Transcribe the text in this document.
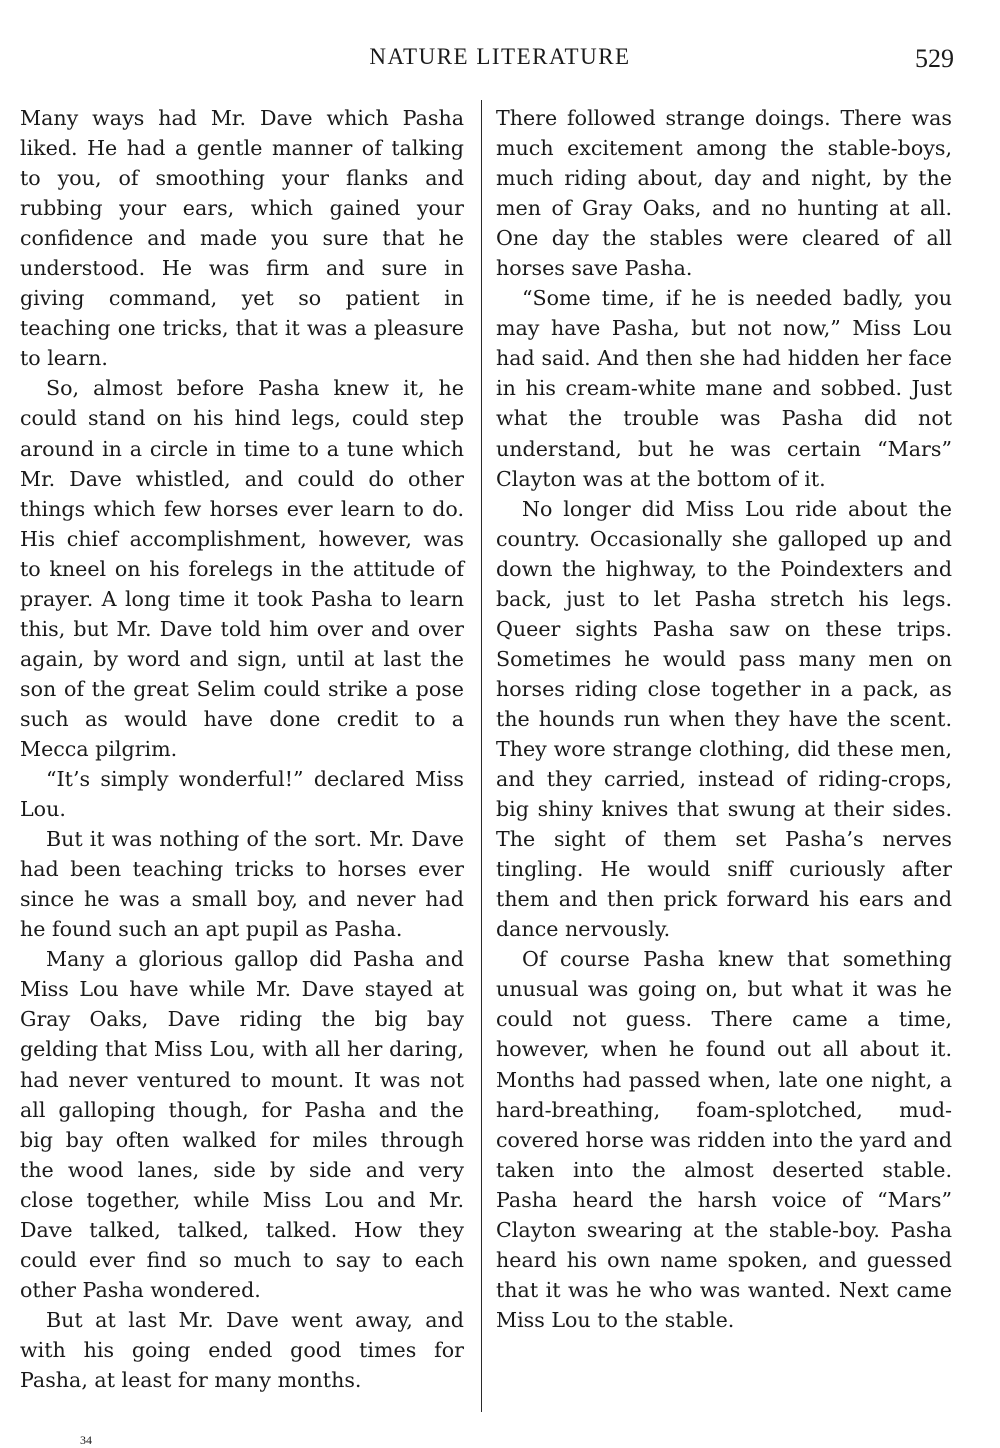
NATURE LITERATURE	529

Many ways had Mr. Dave which Pasha liked. He had a gentle manner of talking to you, of smoothing your flanks and rubbing your ears, which gained your confidence and made you sure that he understood. He was firm and sure in giving command, yet so patient in teaching one tricks, that it was a pleasure to learn.

So, almost before Pasha knew it, he could stand on his hind legs, could step around in a circle in time to a tune which Mr. Dave whistled, and could do other things which few horses ever learn to do. His chief accomplishment, however, was to kneel on his forelegs in the attitude of prayer. A long time it took Pasha to learn this, but Mr. Dave told him over and over again, by word and sign, until at last the son of the great Selim could strike a pose such as would have done credit to a Mecca pilgrim.

“It’s simply wonderful!” declared Miss Lou.

But it was nothing of the sort. Mr. Dave had been teaching tricks to horses ever since he was a small boy, and never had he found such an apt pupil as Pasha.

Many a glorious gallop did Pasha and Miss Lou have while Mr. Dave stayed at Gray Oaks, Dave riding the big bay gelding that Miss Lou, with all her daring, had never ventured to mount. It was not all galloping though, for Pasha and the big bay often walked for miles through the wood lanes, side by side and very close together, while Miss Lou and Mr. Dave talked, talked, talked. How they could ever find so much to say to each other Pasha wondered.

But at last Mr. Dave went away, and with his going ended good times for Pasha, at least for many months.

There followed strange doings. There was much excitement among the stable-boys, much riding about, day and night, by the men of Gray Oaks, and no hunting at all. One day the stables were cleared of all horses save Pasha.

“Some time, if he is needed badly, you may have Pasha, but not now,” Miss Lou had said. And then she had hidden her face in his cream-white mane and sobbed. Just what the trouble was Pasha did not understand, but he was certain “Mars” Clayton was at the bottom of it.

No longer did Miss Lou ride about the country. Occasionally she galloped up and down the highway, to the Poindexters and back, just to let Pasha stretch his legs. Queer sights Pasha saw on these trips. Sometimes he would pass many men on horses riding close together in a pack, as the hounds run when they have the scent. They wore strange clothing, did these men, and they carried, instead of riding-crops, big shiny knives that swung at their sides. The sight of them set Pasha’s nerves tingling. He would sniff curiously after them and then prick forward his ears and dance nervously.

Of course Pasha knew that something unusual was going on, but what it was he could not guess. There came a time, however, when he found out all about it. Months had passed when, late one night, a hard-breathing, foam-splotched, mud-covered horse was ridden into the yard and taken into the almost deserted stable. Pasha heard the harsh voice of “Mars” Clayton swearing at the stable-boy. Pasha heard his own name spoken, and guessed that it was he who was wanted. Next came Miss Lou to the stable.

34
